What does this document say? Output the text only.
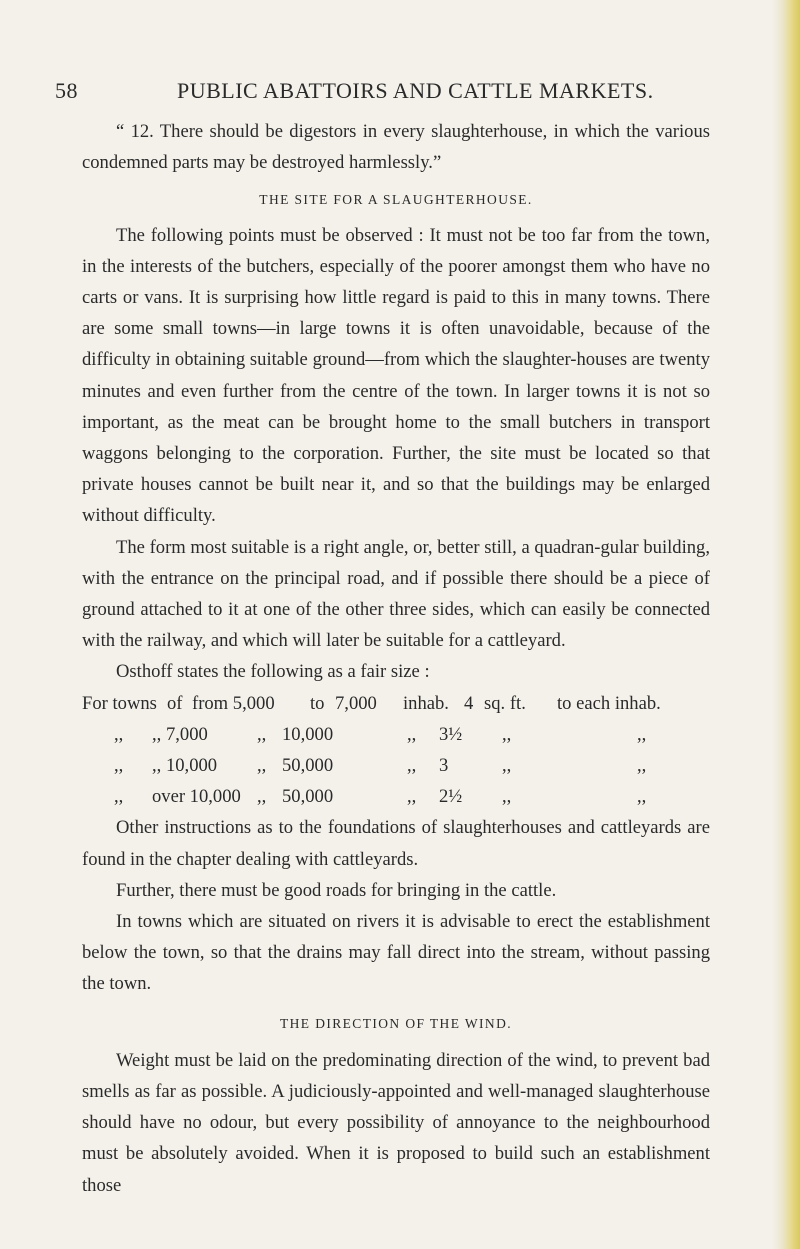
58	PUBLIC ABATTOIRS AND CATTLE MARKETS.

“ 12. There should be digestors in every slaughterhouse, in which the various condemned parts may be destroyed harmlessly.”

THE SITE FOR A SLAUGHTERHOUSE.

The following points must be observed : It must not be too far from the town, in the interests of the butchers, especially of the poorer amongst them who have no carts or vans. It is surprising how little regard is paid to this in many towns. There are some small towns—in large towns it is often unavoidable, because of the difficulty in obtaining suitable ground—from which the slaughter-houses are twenty minutes and even further from the centre of the town. In larger towns it is not so important, as the meat can be brought home to the small butchers in transport waggons belonging to the corporation. Further, the site must be located so that private houses cannot be built near it, and so that the buildings may be enlarged without difficulty.

The form most suitable is a right angle, or, better still, a quadran-gular building, with the entrance on the principal road, and if possible there should be a piece of ground attached to it at one of the other three sides, which can easily be connected with the railway, and which will later be suitable for a cattleyard.

Osthoff states the following as a fair size :

For towns of from 5,000 to 7,000 inhab. 4 sq. ft. to each inhab.
,, ,, 7,000	,, 10,000	,, 3½ ,,	,,
,, ,, 10,000 ,, 50,000	,, 3	,,	,,
,, over 10,000 ,, 50,000	,, 2½ ,,	,,

Other instructions as to the foundations of slaughterhouses and cattleyards are found in the chapter dealing with cattleyards.

Further, there must be good roads for bringing in the cattle.

In towns which are situated on rivers it is advisable to erect the establishment below the town, so that the drains may fall direct into the stream, without passing the town.

THE DIRECTION OF THE WIND.

Weight must be laid on the predominating direction of the wind, to prevent bad smells as far as possible. A judiciously-appointed and well-managed slaughterhouse should have no odour, but every possibility of annoyance to the neighbourhood must be absolutely avoided. When it is proposed to build such an establishment those
